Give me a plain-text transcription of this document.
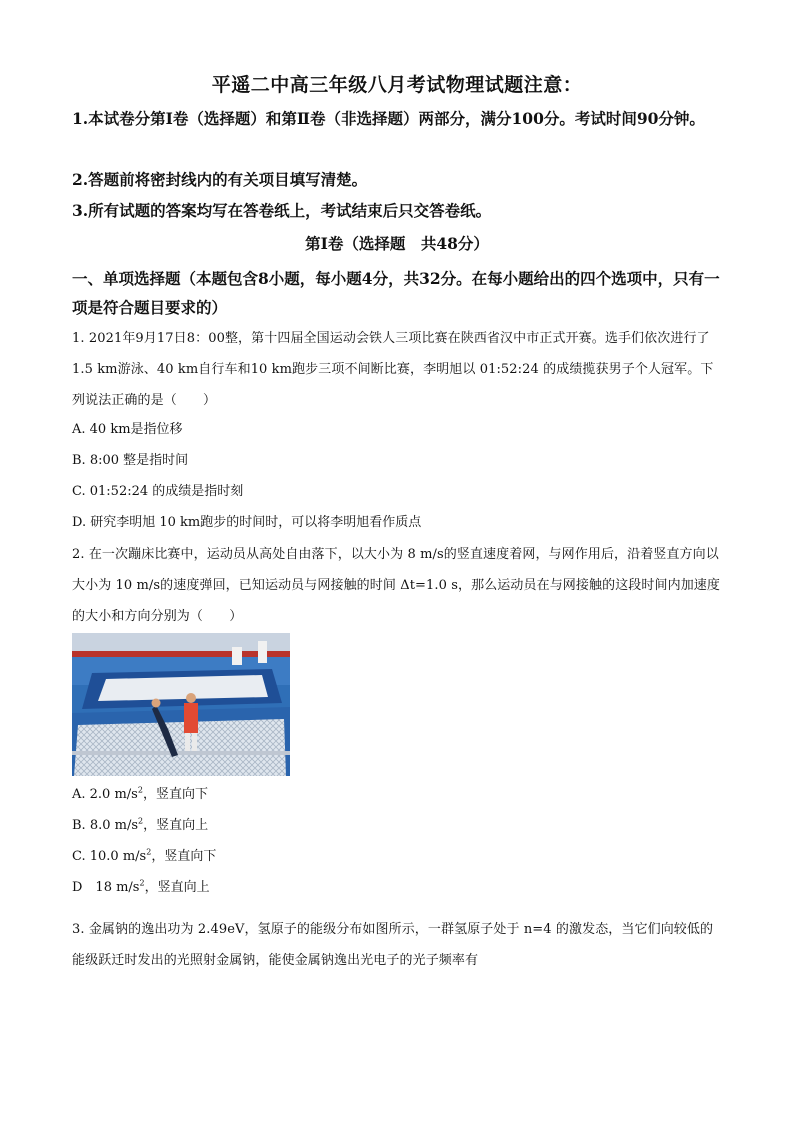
平遥二中高三年级八月考试物理试题注意：
1.本试卷分第Ⅰ卷（选择题）和第Ⅱ卷（非选择题）两部分，满分100分。考试时间90分钟。
2.答题前将密封线内的有关项目填写清楚。
3.所有试题的答案均写在答卷纸上，考试结束后只交答卷纸。
第Ⅰ卷（选择题　共48分）
一、单项选择题（本题包含8小题，每小题4分，共32分。在每小题给出的四个选项中，只有一项是符合题目要求的）
1. 2021年9月17日8：00整，第十四届全国运动会铁人三项比赛在陕西省汉中市正式开赛。选手们依次进行了 1.5 km游泳、40 km自行车和10 km跑步三项不间断比赛，李明旭以 01:52:24 的成绩揽获男子个人冠军。下列说法正确的是（　　）
A. 40 km是指位移
B. 8:00 整是指时间
C. 01:52:24 的成绩是指时刻
D. 研究李明旭 10 km跑步的时间时，可以将李明旭看作质点
2. 在一次蹦床比赛中，运动员从高处自由落下，以大小为 8 m/s的竖直速度着网，与网作用后，沿着竖直方向以大小为 10 m/s的速度弹回，已知运动员与网接触的时间 Δt=1.0 s，那么运动员在与网接触的这段时间内加速度的大小和方向分别为（　　）
A. 2.0 $m/s^2$，竖直向下
B. 8.0 $m/s^2$，竖直向上
C. 10.0 $m/s^2$，竖直向下
D　18 $m/s^2$，竖直向上
3. 金属钠的逸出功为 2.49eV，氢原子的能级分布如图所示，一群氢原子处于 n=4 的激发态，当它们向较低的能级跃迁时发出的光照射金属钠，能使金属钠逸出光电子的光子频率有
